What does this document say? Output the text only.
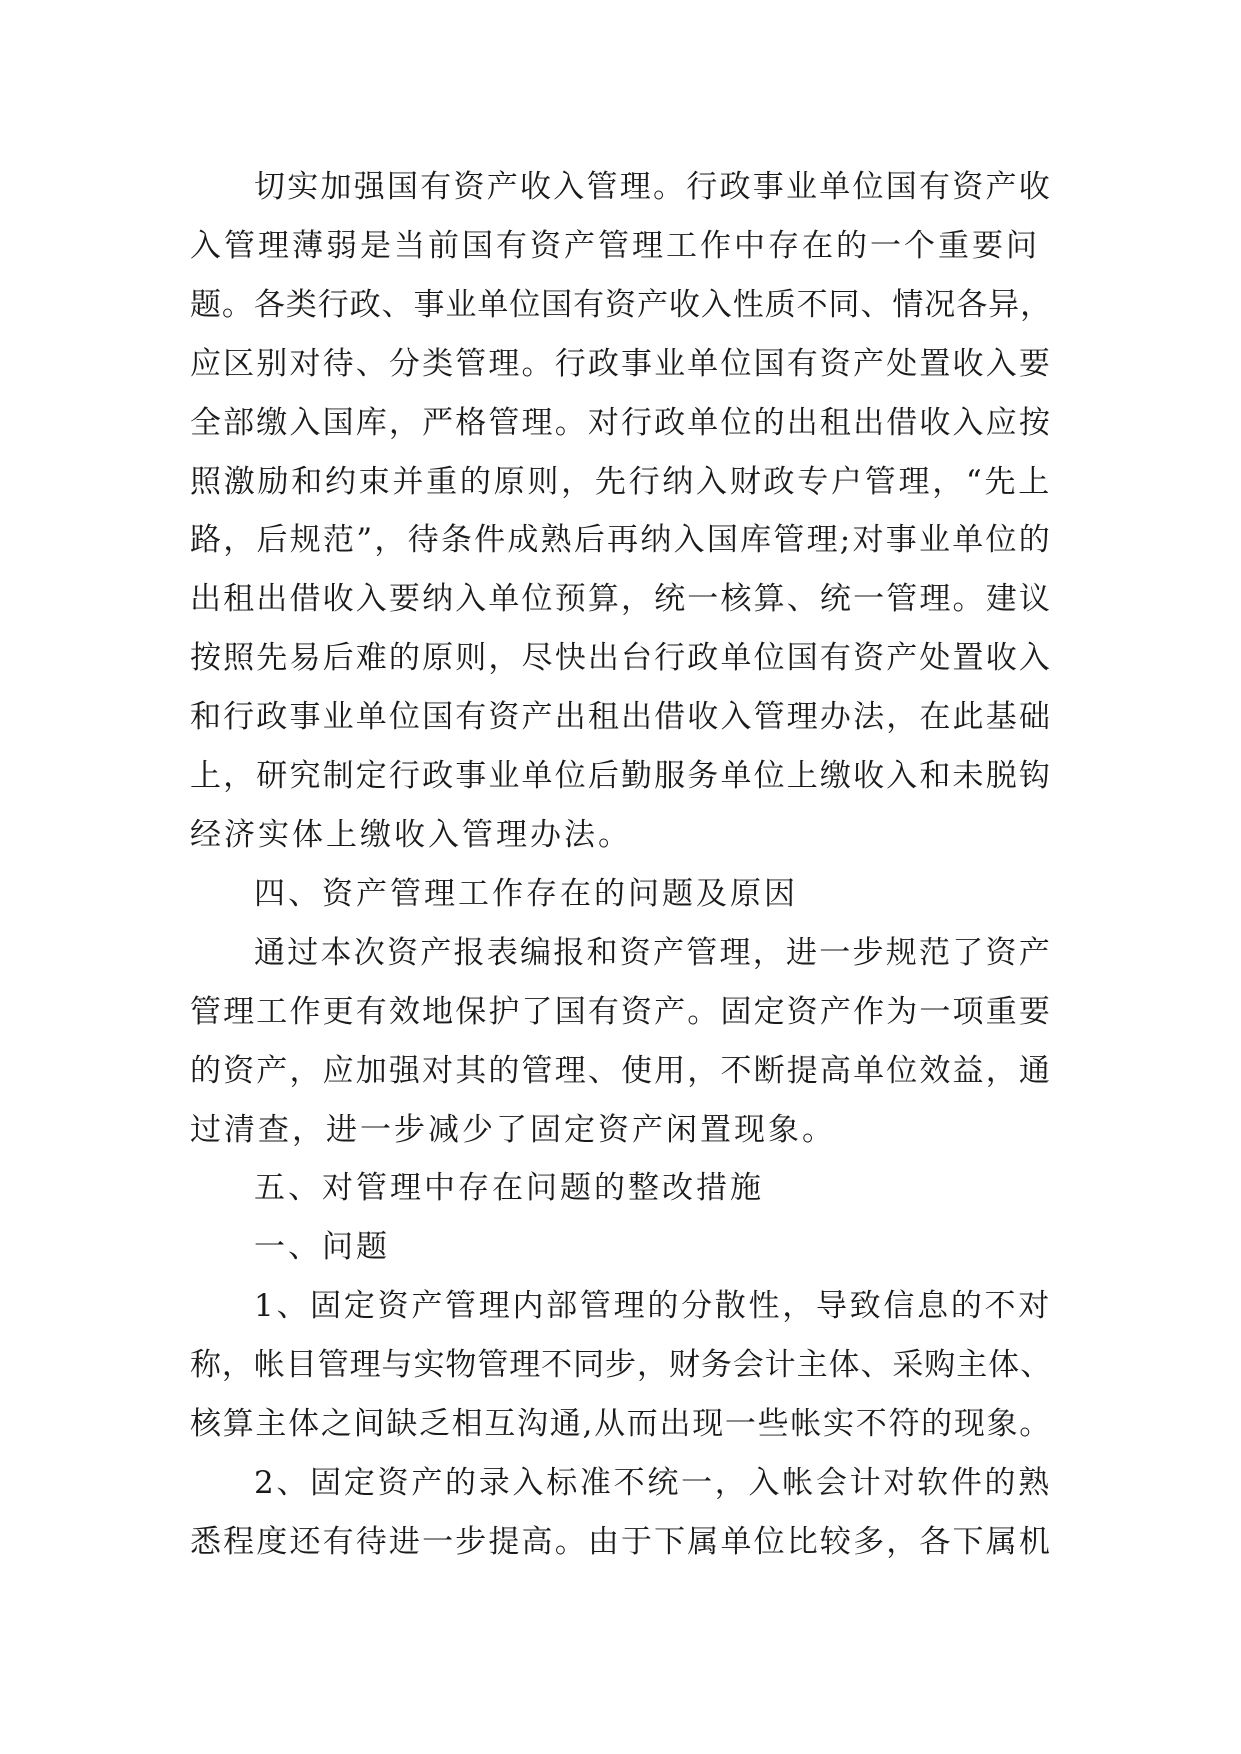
切实加强国有资产收入管理。行政事业单位国有资产收
入管理薄弱是当前国有资产管理工作中存在的一个重要问
题。各类行政、事业单位国有资产收入性质不同、情况各异，
应区别对待、分类管理。行政事业单位国有资产处置收入要
全部缴入国库，严格管理。对行政单位的出租出借收入应按
照激励和约束并重的原则，先行纳入财政专户管理，“先上
路，后规范”，待条件成熟后再纳入国库管理;对事业单位的
出租出借收入要纳入单位预算，统一核算、统一管理。建议
按照先易后难的原则，尽快出台行政单位国有资产处置收入
和行政事业单位国有资产出租出借收入管理办法，在此基础
上，研究制定行政事业单位后勤服务单位上缴收入和未脱钩
经济实体上缴收入管理办法。
四、资产管理工作存在的问题及原因
通过本次资产报表编报和资产管理，进一步规范了资产
管理工作更有效地保护了国有资产。固定资产作为一项重要
的资产，应加强对其的管理、使用，不断提高单位效益，通
过清查，进一步减少了固定资产闲置现象。
五、对管理中存在问题的整改措施
一、问题
1、固定资产管理内部管理的分散性，导致信息的不对
称，帐目管理与实物管理不同步，财务会计主体、采购主体、
核算主体之间缺乏相互沟通,从而出现一些帐实不符的现象。
2、固定资产的录入标准不统一，入帐会计对软件的熟
悉程度还有待进一步提高。由于下属单位比较多，各下属机
